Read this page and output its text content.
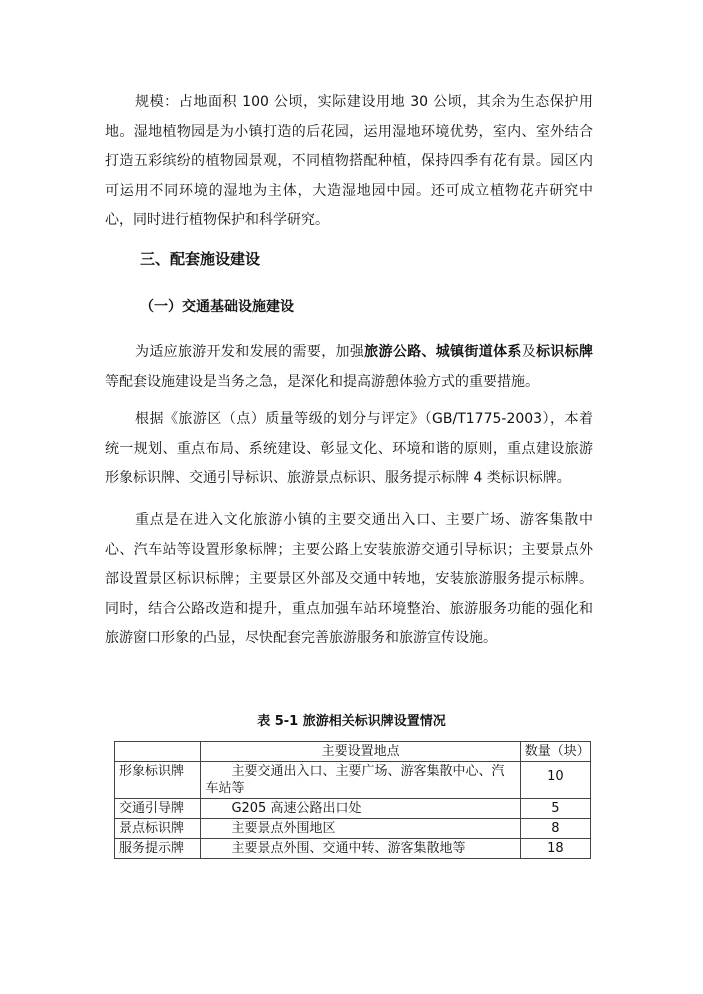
规模：占地面积 100 公顷，实际建设用地 30 公顷，其余为生态保护用地。湿地植物园是为小镇打造的后花园，运用湿地环境优势，室内、室外结合打造五彩缤纷的植物园景观，不同植物搭配种植，保持四季有花有景。园区内可运用不同环境的湿地为主体，大造湿地园中园。还可成立植物花卉研究中心，同时进行植物保护和科学研究。

三、配套施设建设

（一）交通基础设施建设

为适应旅游开发和发展的需要，加强旅游公路、城镇街道体系及标识标牌等配套设施建设是当务之急，是深化和提高游憩体验方式的重要措施。

根据《旅游区（点）质量等级的划分与评定》（GB/T1775-2003），本着统一规划、重点布局、系统建设、彰显文化、环境和谐的原则，重点建设旅游形象标识牌、交通引导标识、旅游景点标识、服务提示标牌 4 类标识标牌。

重点是在进入文化旅游小镇的主要交通出入口、主要广场、游客集散中心、汽车站等设置形象标牌；主要公路上安装旅游交通引导标识；主要景点外部设置景区标识标牌；主要景区外部及交通中转地，安装旅游服务提示标牌。同时，结合公路改造和提升，重点加强车站环境整治、旅游服务功能的强化和旅游窗口形象的凸显，尽快配套完善旅游服务和旅游宣传设施。

表 5-1 旅游相关标识牌设置情况

	主要设置地点	数量（块）
形象标识牌	主要交通出入口、主要广场、游客集散中心、汽车站等	10
交通引导牌	G205 高速公路出口处	5
景点标识牌	主要景点外围地区	8
服务提示牌	主要景点外围、交通中转、游客集散地等	18
